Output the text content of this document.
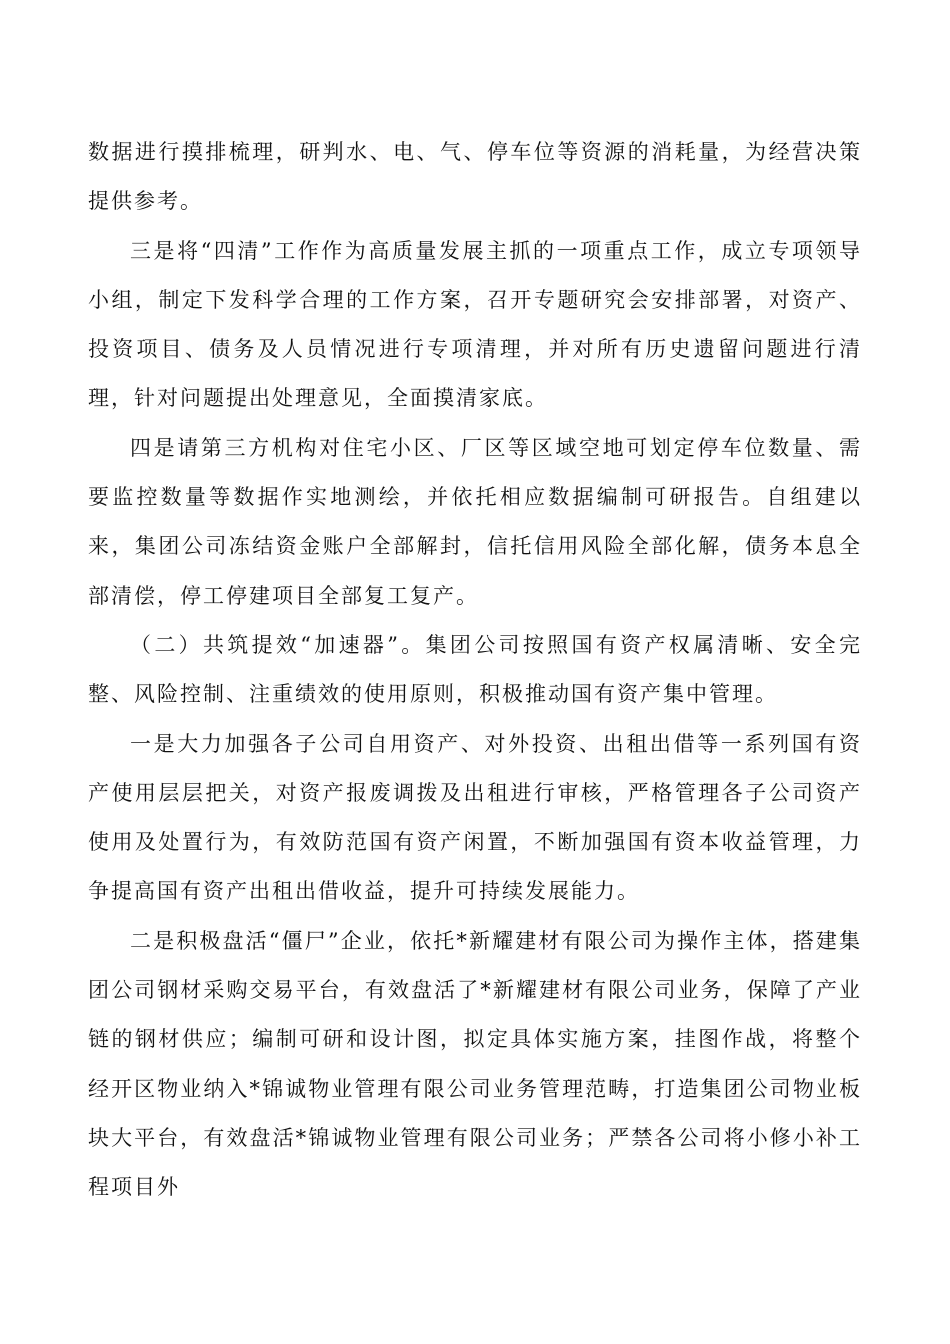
数据进行摸排梳理，研判水、电、气、停车位等资源的消耗量，为经营决策提供参考。

三是将“四清”工作作为高质量发展主抓的一项重点工作，成立专项领导小组，制定下发科学合理的工作方案，召开专题研究会安排部署，对资产、投资项目、债务及人员情况进行专项清理，并对所有历史遗留问题进行清理，针对问题提出处理意见，全面摸清家底。

四是请第三方机构对住宅小区、厂区等区域空地可划定停车位数量、需要监控数量等数据作实地测绘，并依托相应数据编制可研报告。自组建以来，集团公司冻结资金账户全部解封，信托信用风险全部化解，债务本息全部清偿，停工停建项目全部复工复产。

（二）共筑提效“加速器”。集团公司按照国有资产权属清晰、安全完整、风险控制、注重绩效的使用原则，积极推动国有资产集中管理。

一是大力加强各子公司自用资产、对外投资、出租出借等一系列国有资产使用层层把关，对资产报废调拨及出租进行审核，严格管理各子公司资产使用及处置行为，有效防范国有资产闲置，不断加强国有资本收益管理，力争提高国有资产出租出借收益，提升可持续发展能力。

二是积极盘活“僵尸”企业，依托*新耀建材有限公司为操作主体，搭建集团公司钢材采购交易平台，有效盘活了*新耀建材有限公司业务，保障了产业链的钢材供应；编制可研和设计图，拟定具体实施方案，挂图作战，将整个经开区物业纳入*锦诚物业管理有限公司业务管理范畴，打造集团公司物业板块大平台，有效盘活*锦诚物业管理有限公司业务；严禁各公司将小修小补工程项目外
